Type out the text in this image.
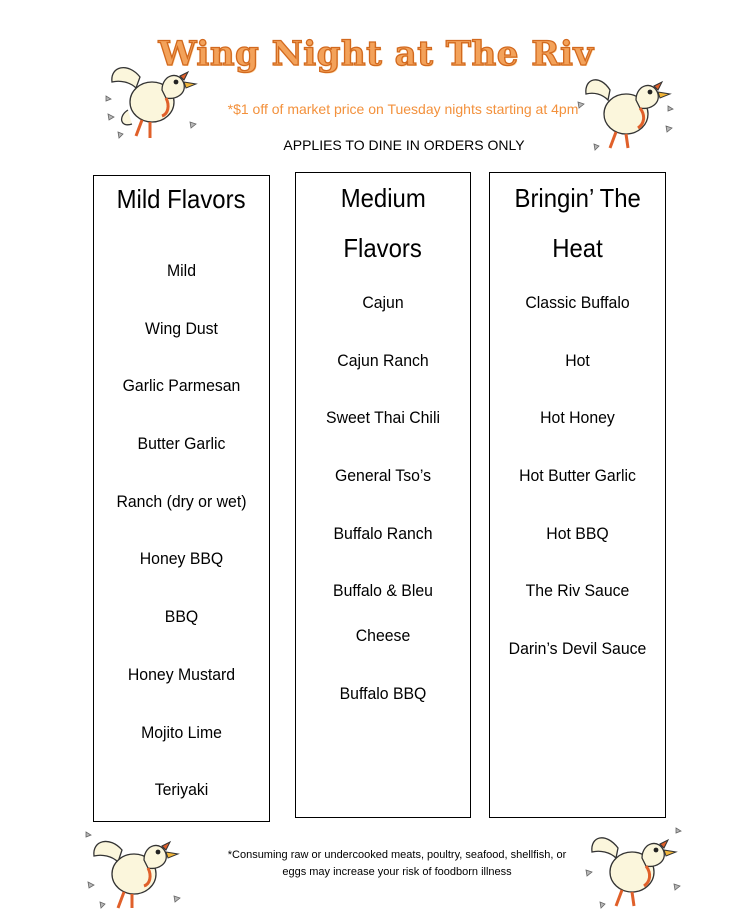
Wing Night at The Riv
*$1 off of market price on Tuesday nights starting at 4pm
APPLIES TO DINE IN ORDERS ONLY
Mild Flavors
Mild
Wing Dust
Garlic Parmesan
Butter Garlic
Ranch (dry or wet)
Honey BBQ
BBQ
Honey Mustard
Mojito Lime
Teriyaki
Medium
Flavors
Cajun
Cajun Ranch
Sweet Thai Chili
General Tso’s
Buffalo Ranch
Buffalo & Bleu
Cheese
Buffalo BBQ
Bringin’ The
Heat
Classic Buffalo
Hot
Hot Honey
Hot Butter Garlic
Hot BBQ
The Riv Sauce
Darin’s Devil Sauce
*Consuming raw or undercooked meats, poultry, seafood, shellfish, or
eggs may increase your risk of foodborn illness
